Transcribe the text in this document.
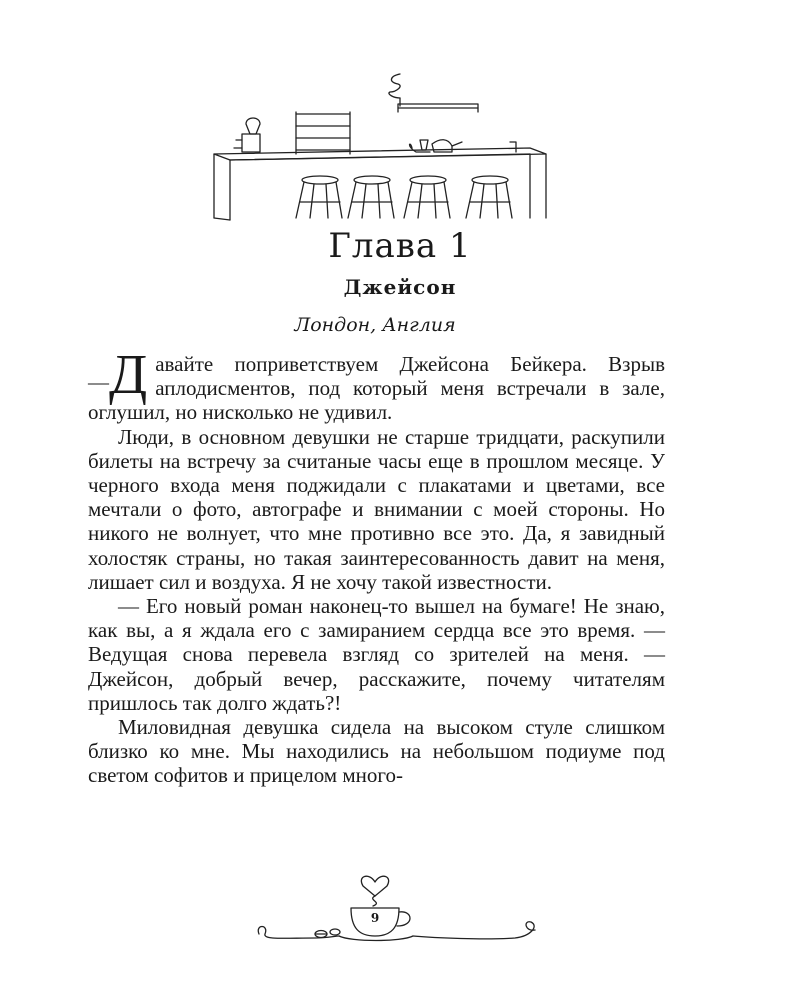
Глава 1
Джейсон
Лондон, Англия

—Д авайте поприветствуем Джейсона Бейкера. Взрыв аплодисментов, под который меня встречали в зале, оглушил, но нисколько не удивил.

Люди, в основном девушки не старше тридцати, раскупили билеты на встречу за считаные часы еще в прошлом месяце. У черного входа меня поджидали с плакатами и цветами, все мечтали о фото, автографе и внимании с моей стороны. Но никого не волнует, что мне противно все это. Да, я завидный холостяк страны, но такая заинтересованность давит на меня, лишает сил и воздуха. Я не хочу такой известности.

— Его новый роман наконец-то вышел на бумаге! Не знаю, как вы, а я ждала его с замиранием сердца все это время. — Ведущая снова перевела взгляд со зрителей на меня. — Джейсон, добрый вечер, расскажите, почему читателям пришлось так долго ждать?!

Миловидная девушка сидела на высоком стуле слишком близко ко мне. Мы находились на небольшом подиуме под светом софитов и прицелом много-

9
